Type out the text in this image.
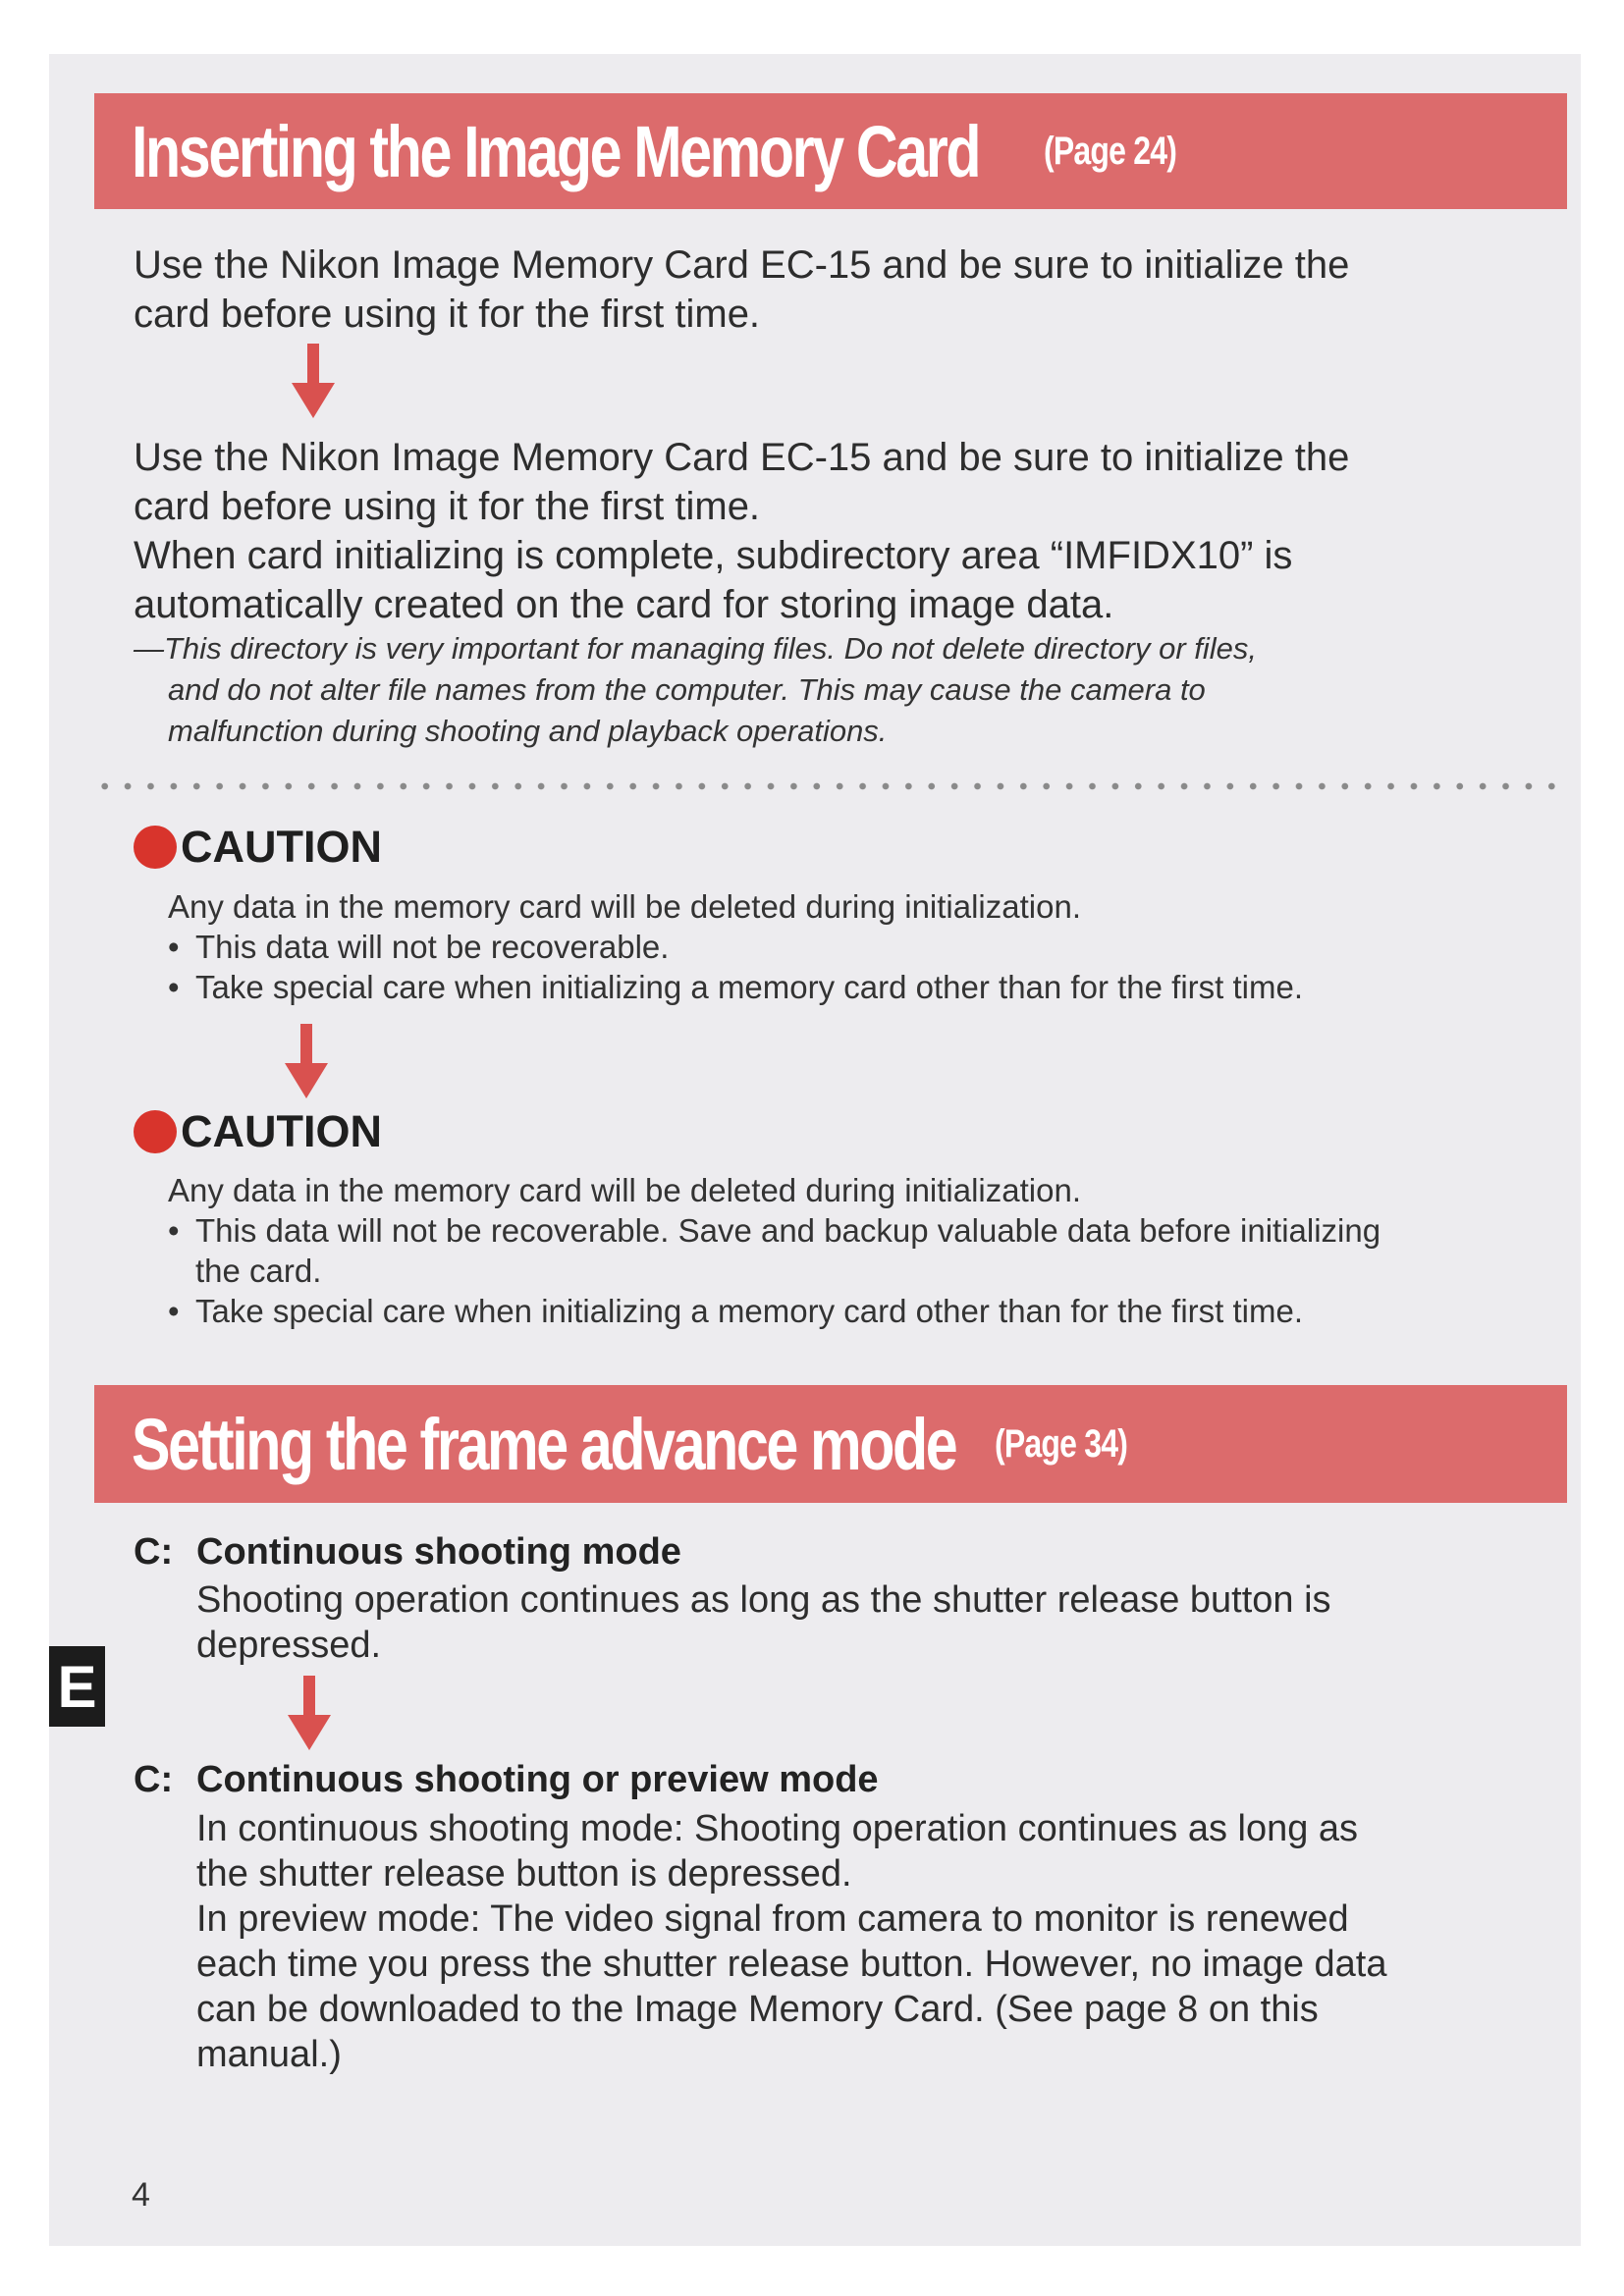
Inserting the Image Memory Card (Page 24)
Use the Nikon Image Memory Card EC-15 and be sure to initialize the
card before using it for the first time.
Use the Nikon Image Memory Card EC-15 and be sure to initialize the
card before using it for the first time.
When card initializing is complete, subdirectory area “IMFIDX10” is
automatically created on the card for storing image data.
—This directory is very important for managing files. Do not delete directory or files,
and do not alter file names from the computer. This may cause the camera to
malfunction during shooting and playback operations.
CAUTION
Any data in the memory card will be deleted during initialization.
• This data will not be recoverable.
• Take special care when initializing a memory card other than for the first time.
CAUTION
Any data in the memory card will be deleted during initialization.
• This data will not be recoverable. Save and backup valuable data before initializing
the card.
• Take special care when initializing a memory card other than for the first time.
Setting the frame advance mode (Page 34)
C: Continuous shooting mode
Shooting operation continues as long as the shutter release button is
depressed.
C: Continuous shooting or preview mode
In continuous shooting mode: Shooting operation continues as long as
the shutter release button is depressed.
In preview mode: The video signal from camera to monitor is renewed
each time you press the shutter release button. However, no image data
can be downloaded to the Image Memory Card. (See page 8 on this
manual.)
E
4
